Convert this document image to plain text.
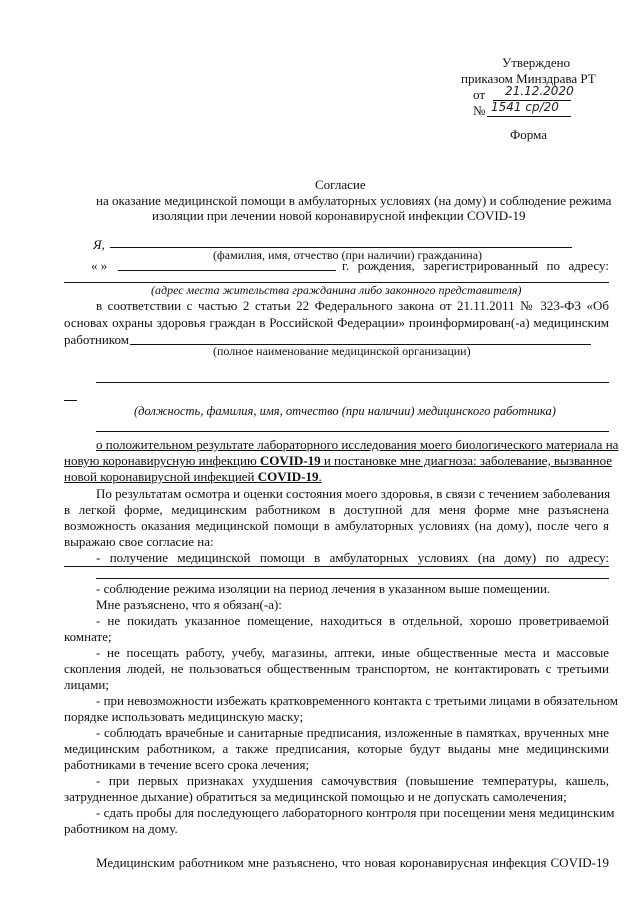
Утверждено
приказом Минздрава РТ
от 21.12.2020
№ 1541 ср/20
Форма
Согласие
на оказание медицинской помощи в амбулаторных условиях (на дому) и соблюдение режима
изоляции при лечении новой коронавирусной инфекции COVID-19
Я,
(фамилия, имя, отчество (при наличии) гражданина)
« »	г. рождения, зарегистрированный по адресу:
(адрес места жительства гражданина либо законного представителя)
в соответствии с частью 2 статьи 22 Федерального закона от 21.11.2011 № 323-ФЗ «Об
основах охраны здоровья граждан в Российской Федерации» проинформирован(-а) медицинским
работником
(полное наименование медицинской организации)
(должность, фамилия, имя, отчество (при наличии) медицинского работника)
о положительном результате лабораторного исследования моего биологического материала на
новую коронавирусную инфекцию COVID-19 и постановке мне диагноза: заболевание, вызванное
новой коронавирусной инфекцией COVID-19.
По результатам осмотра и оценки состояния моего здоровья, в связи с течением заболевания
в легкой форме, медицинским работником в доступной для меня форме мне разъяснена
возможность оказания медицинской помощи в амбулаторных условиях (на дому), после чего я
выражаю свое согласие на:
- получение медицинской помощи в амбулаторных условиях (на дому) по адресу:
- соблюдение режима изоляции на период лечения в указанном выше помещении.
Мне разъяснено, что я обязан(-а):
- не покидать указанное помещение, находиться в отдельной, хорошо проветриваемой
комнате;
- не посещать работу, учебу, магазины, аптеки, иные общественные места и массовые
скопления людей, не пользоваться общественным транспортом, не контактировать с третьими
лицами;
- при невозможности избежать кратковременного контакта с третьими лицами в обязательном
порядке использовать медицинскую маску;
- соблюдать врачебные и санитарные предписания, изложенные в памятках, врученных мне
медицинским работником, а также предписания, которые будут выданы мне медицинскими
работниками в течение всего срока лечения;
- при первых признаках ухудшения самочувствия (повышение температуры, кашель,
затрудненное дыхание) обратиться за медицинской помощью и не допускать самолечения;
- сдать пробы для последующего лабораторного контроля при посещении меня медицинским
работником на дому.
Медицинским работником мне разъяснено, что новая коронавирусная инфекция COVID-19
